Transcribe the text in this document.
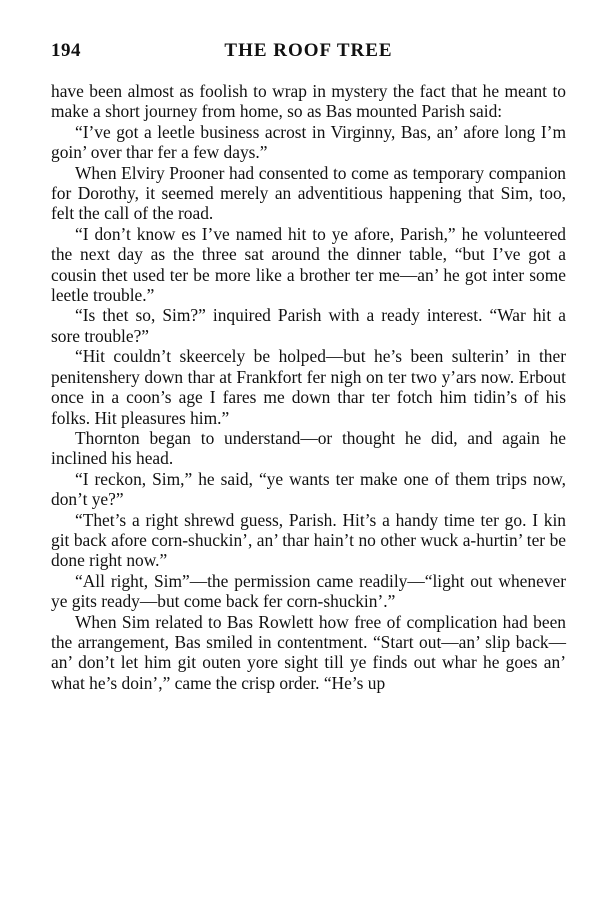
THE ROOF TREE
194

have been almost as foolish to wrap in mystery the fact that he meant to make a short journey from home, so as Bas mounted Parish said:

“I’ve got a leetle business acrost in Virginny, Bas, an’ afore long I’m goin’ over thar fer a few days.”

When Elviry Prooner had consented to come as temporary companion for Dorothy, it seemed merely an adventitious happening that Sim, too, felt the call of the road.

“I don’t know es I’ve named hit to ye afore, Parish,” he volunteered the next day as the three sat around the dinner table, “but I’ve got a cousin thet used ter be more like a brother ter me—an’ he got inter some leetle trouble.”

“Is thet so, Sim?” inquired Parish with a ready interest. “War hit a sore trouble?”

“Hit couldn’t skeercely be holped—but he’s been sulterin’ in ther penitenshery down thar at Frankfort fer nigh on ter two y’ars now. Erbout once in a coon’s age I fares me down thar ter fotch him tidin’s of his folks. Hit pleasures him.”

Thornton began to understand—or thought he did, and again he inclined his head.

“I reckon, Sim,” he said, “ye wants ter make one of them trips now, don’t ye?”

“Thet’s a right shrewd guess, Parish. Hit’s a handy time ter go. I kin git back afore corn-shuckin’, an’ thar hain’t no other wuck a-hurtin’ ter be done right now.”

“All right, Sim”—the permission came readily—“light out whenever ye gits ready—but come back fer corn-shuckin’.”

When Sim related to Bas Rowlett how free of complication had been the arrangement, Bas smiled in contentment. “Start out—an’ slip back—an’ don’t let him git outen yore sight till ye finds out whar he goes an’ what he’s doin’,” came the crisp order. “He’s up
